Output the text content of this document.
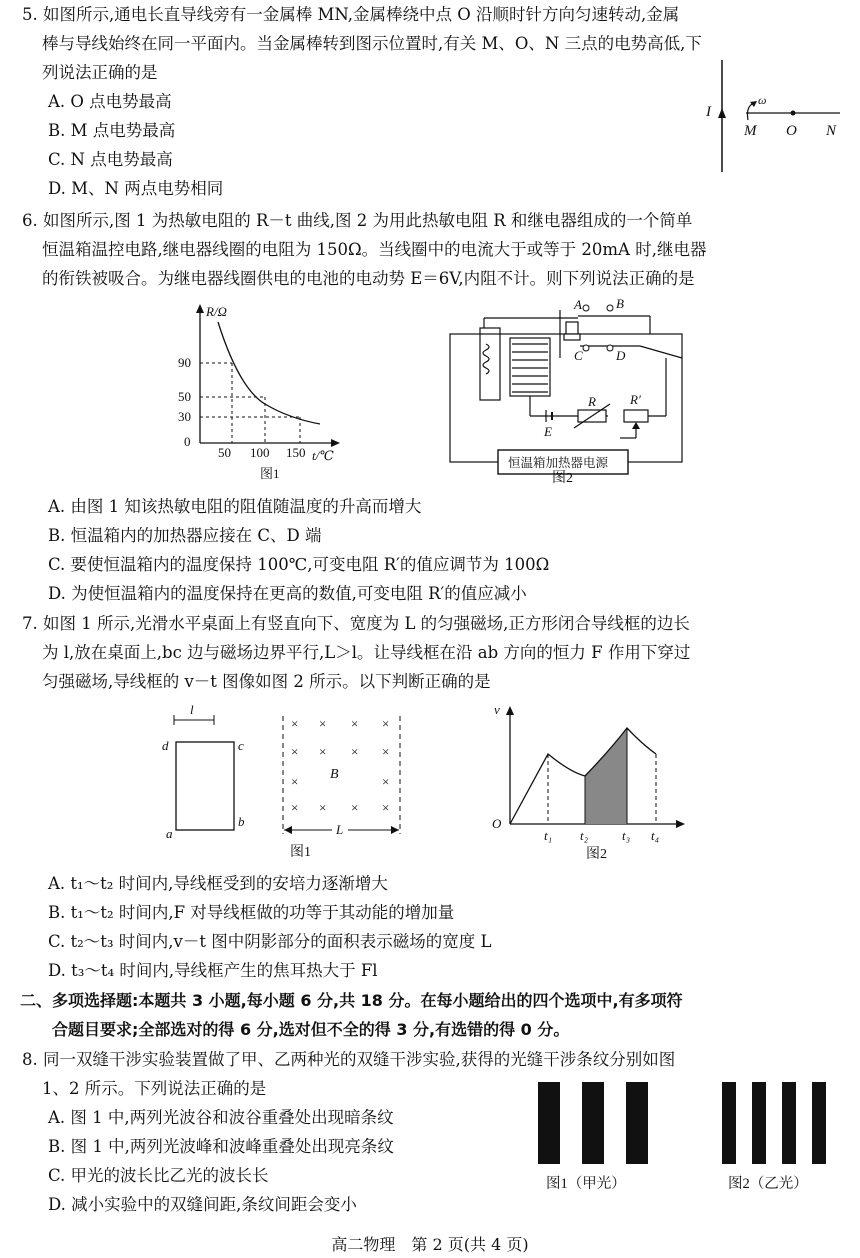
5. 如图所示,通电长直导线旁有一金属棒 MN,金属棒绕中点 O 沿顺时针方向匀速转动,金属
棒与导线始终在同一平面内。当金属棒转到图示位置时,有关 M、O、N 三点的电势高低,下
列说法正确的是
A. O 点电势最高
B. M 点电势最高
C. N 点电势最高
D. M、N 两点电势相同
I
ω
M O N
6. 如图所示,图 1 为热敏电阻的 R－t 曲线,图 2 为用此热敏电阻 R 和继电器组成的一个简单
恒温箱温控电路,继电器线圈的电阻为 150Ω。当线圈中的电流大于或等于 20mA 时,继电器
的衔铁被吸合。为继电器线圈供电的电池的电动势 E＝6V,内阻不计。则下列说法正确的是
R/Ω
90
50
30
0
50 100 150 t/℃
图1
A	B
C	D
R	R′
E
恒温箱加热器电源
图2
A. 由图 1 知该热敏电阻的阻值随温度的升高而增大
B. 恒温箱内的加热器应接在 C、D 端
C. 要使恒温箱内的温度保持 100℃,可变电阻 R′的值应调节为 100Ω
D. 为使恒温箱内的温度保持在更高的数值,可变电阻 R′的值应减小
7. 如图 1 所示,光滑水平桌面上有竖直向下、宽度为 L 的匀强磁场,正方形闭合导线框的边长
为 l,放在桌面上,bc 边与磁场边界平行,L＞l。让导线框在沿 ab 方向的恒力 F 作用下穿过
匀强磁场,导线框的 v－t 图像如图 2 所示。以下判断正确的是
l
d	c
a
b
× × × ×
× × × ×
×	×
× × × ×
B
L
图1
v
O
t₁ t₂	t₃ t₄
图2
A. t₁～t₂ 时间内,导线框受到的安培力逐渐增大
B. t₁～t₂ 时间内,F 对导线框做的功等于其动能的增加量
C. t₂～t₃ 时间内,v－t 图中阴影部分的面积表示磁场的宽度 L
D. t₃～t₄ 时间内,导线框产生的焦耳热大于 Fl
二、多项选择题:本题共 3 小题,每小题 6 分,共 18 分。在每小题给出的四个选项中,有多项符
合题目要求;全部选对的得 6 分,选对但不全的得 3 分,有选错的得 0 分。
8. 同一双缝干涉实验装置做了甲、乙两种光的双缝干涉实验,获得的光缝干涉条纹分别如图
1、2 所示。下列说法正确的是
A. 图 1 中,两列光波谷和波谷重叠处出现暗条纹
B. 图 1 中,两列光波峰和波峰重叠处出现亮条纹
C. 甲光的波长比乙光的波长长
D. 减小实验中的双缝间距,条纹间距会变小
图1（甲光）	图2（乙光）
高二物理　第 2 页(共 4 页)
